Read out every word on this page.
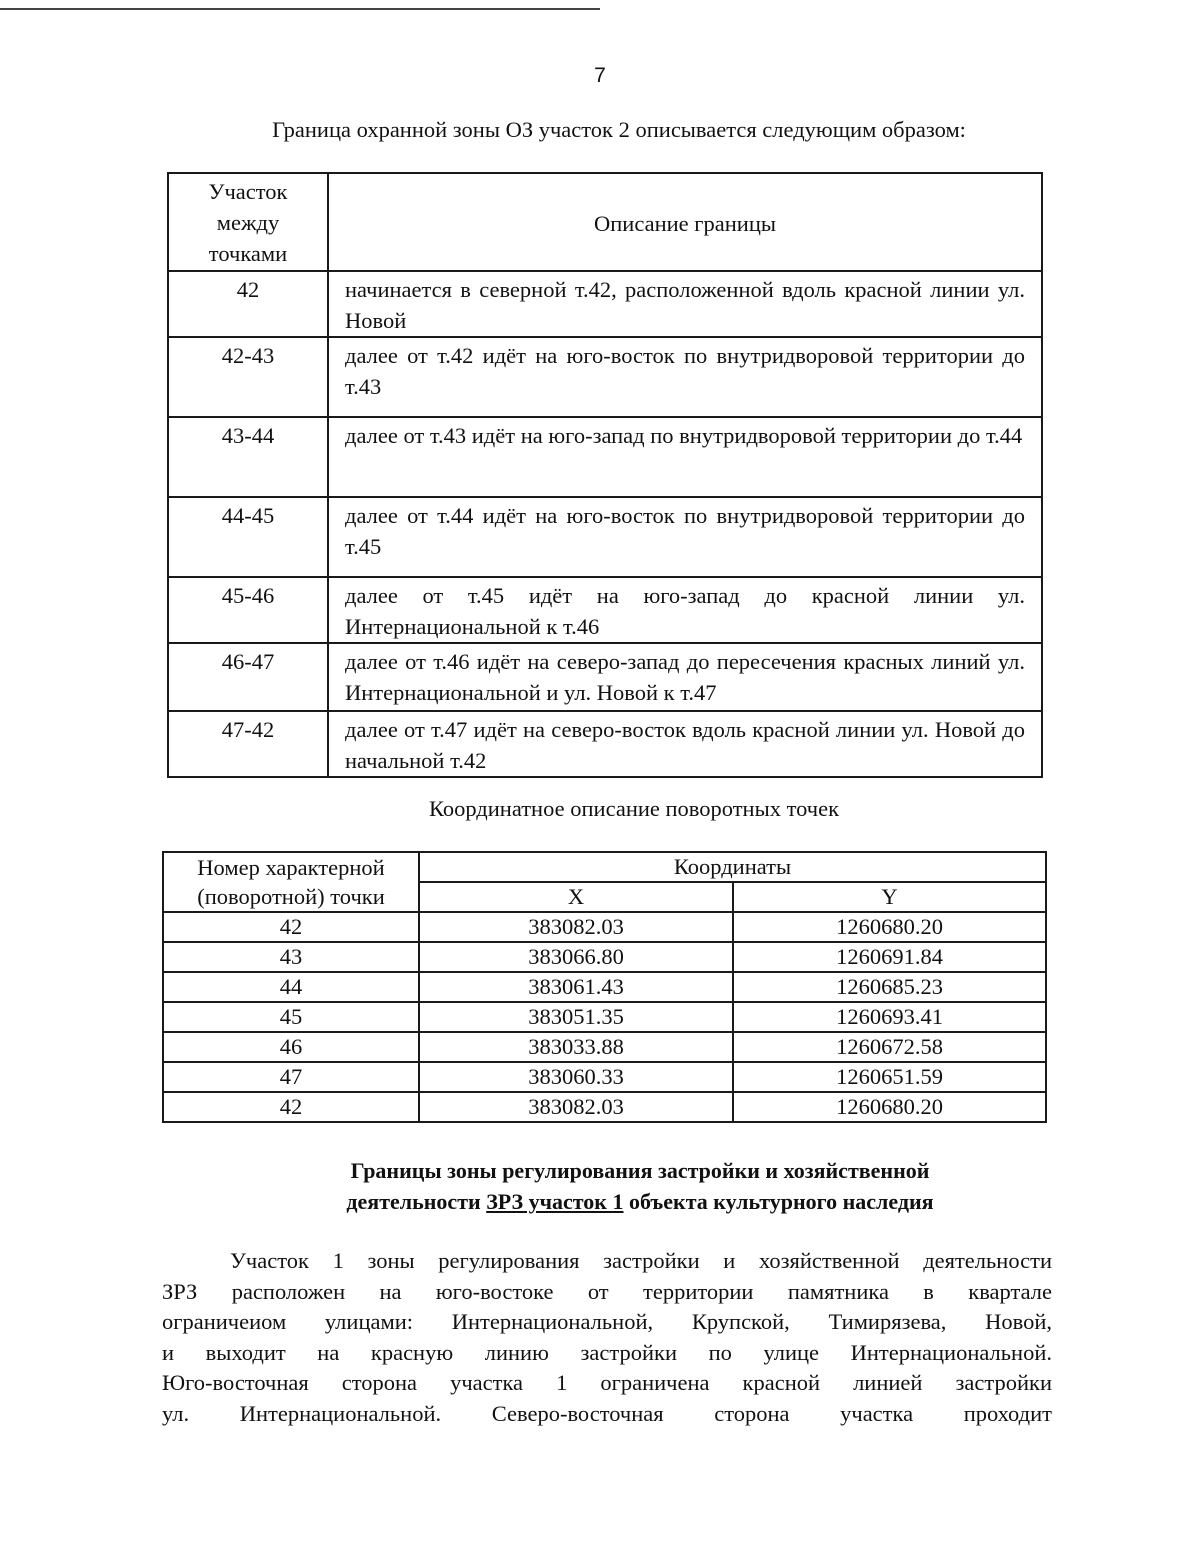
7
Граница охранной зоны ОЗ участок 2 описывается следующим образом:
Участок
между
точками	Описание границы
42	начинается в северной т.42, расположенной вдоль красной линии ул. Новой
42-43	далее от т.42 идёт на юго-восток по внутридворовой территории до т.43
43-44	далее от т.43 идёт на юго-запад по внутридворовой территории до т.44
44-45	далее от т.44 идёт на юго-восток по внутридворовой территории до т.45
45-46	далее от т.45 идёт на юго-запад до красной линии ул. Интернациональной к т.46
46-47	далее от т.46 идёт на северо-запад до пересечения красных линий ул. Интернациональной и ул. Новой к т.47
47-42	далее от т.47 идёт на северо-восток вдоль красной линии ул. Новой до начальной т.42
Координатное описание поворотных точек
Номер характерной	Координаты	
(поворотной) точки	X	Y
42	383082.03	1260680.20
43	383066.80	1260691.84
44	383061.43	1260685.23
45	383051.35	1260693.41
46	383033.88	1260672.58
47	383060.33	1260651.59
42	383082.03	1260680.20
Границы зоны регулирования застройки и хозяйственной
деятельности ЗРЗ участок 1 объекта культурного наследия
Участок 1 зоны регулирования застройки и хозяйственной деятельности
ЗРЗ расположен на юго-востоке от территории памятника в квартале
ограничеиом улицами: Интернациональной, Крупской, Тимирязева, Новой,
и выходит на красную линию застройки по улице Интернациональной.
Юго-восточная сторона участка 1 ограничена красной линией застройки
ул. Интернациональной. Северо-восточная сторона участка проходит
